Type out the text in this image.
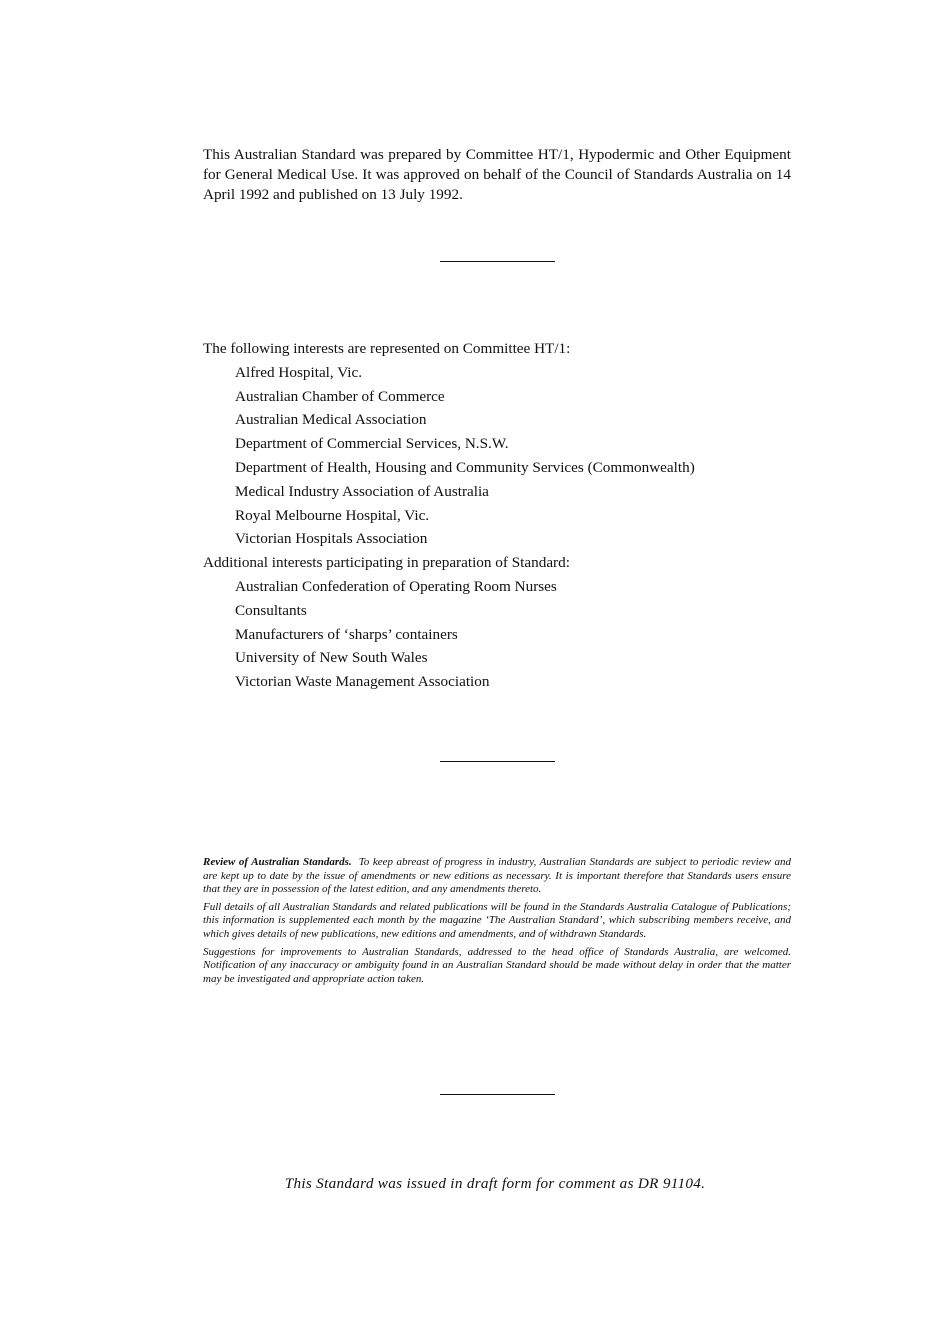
This Australian Standard was prepared by Committee HT/1, Hypodermic and Other Equipment for General Medical Use. It was approved on behalf of the Council of Standards Australia on 14 April 1992 and published on 13 July 1992.

The following interests are represented on Committee HT/1:

Alfred Hospital, Vic.
Australian Chamber of Commerce
Australian Medical Association
Department of Commercial Services, N.S.W.
Department of Health, Housing and Community Services (Commonwealth)
Medical Industry Association of Australia
Royal Melbourne Hospital, Vic.
Victorian Hospitals Association

Additional interests participating in preparation of Standard:

Australian Confederation of Operating Room Nurses
Consultants
Manufacturers of ‘sharps’ containers
University of New South Wales
Victorian Waste Management Association

Review of Australian Standards. To keep abreast of progress in industry, Australian Standards are subject to periodic review and are kept up to date by the issue of amendments or new editions as necessary. It is important therefore that Standards users ensure that they are in possession of the latest edition, and any amendments thereto.

Full details of all Australian Standards and related publications will be found in the Standards Australia Catalogue of Publications; this information is supplemented each month by the magazine ‘The Australian Standard’, which subscribing members receive, and which gives details of new publications, new editions and amendments, and of withdrawn Standards.

Suggestions for improvements to Australian Standards, addressed to the head office of Standards Australia, are welcomed. Notification of any inaccuracy or ambiguity found in an Australian Standard should be made without delay in order that the matter may be investigated and appropriate action taken.

This Standard was issued in draft form for comment as DR 91104.
